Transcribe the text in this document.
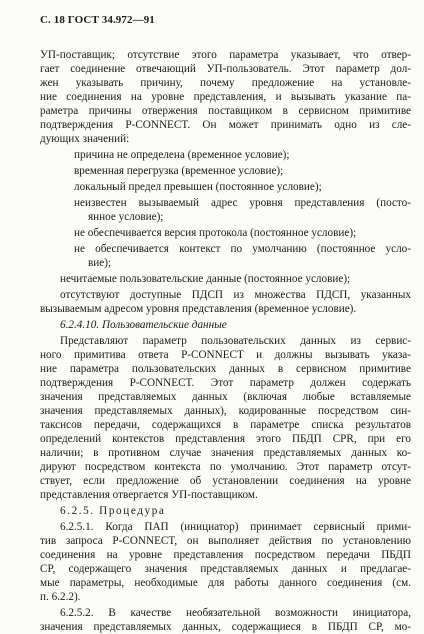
С. 18 ГОСТ 34.972—91
УП-поставщик; отсутствие этого параметра указывает, что отвер-
гает соединение отвечающий УП-пользователь. Этот параметр дол-
жен указывать причину, почему предложение на установле-
ние соединения на уровне представления, и вызывать указание па-
раметра причины отвержения поставщиком в сервисном примитиве
подтверждения P-CONNECT. Он может принимать одно из сле-
дующих значений:
причина не определена (временное условие);
временная перегрузка (временное условие);
локальный предел превышен (постоянное условие);
неизвестен вызываемый адрес уровня представления (посто-
янное условие);
не обеспечивается версия протокола (постоянное условие);
не обеспечивается контекст по умолчанию (постоянное усло-
вие);
нечитаемые пользовательские данные (постоянное условие);
отсутствуют доступные ПДСП из множества ПДСП, указанных
вызываемым адресом уровня представления (временное условие).
6.2.4.10. Пользовательские данные
Представляют параметр пользовательских данных из сервис-
ного примитива ответа P-CONNECT и должны вызывать указа-
ние параметра пользовательских данных в сервисном примитиве
подтверждения P-CONNECT. Этот параметр должен содержать
значения представляемых данных (включая любые вставляемые
значения представляемых данных), кодированные посредством син-
таксисов передачи, содержащихся в параметре списка результатов
определений контекстов представления этого ПБДП CPR, при его
наличии; в противном случае значения представляемых данных ко-
дируют посредством контекста по умолчанию. Этот параметр отсут-
ствует, если предложение об установлении соединения на уровне
представления отвергается УП-поставщиком.
6.2.5. Процедура
6.2.5.1. Когда ПАП (инициатор) принимает сервисный прими-
тив запроса P-CONNECT, он выполняет действия по установлению
соединения на уровне представления посредством передачи ПБДП
CP, содержащего значения представляемых данных и предлагае-
мые параметры, необходимые для работы данного соединения (см.
п. 6.2.2).
6.2.5.2. В качестве необязательной возможности инициатора,
значения представляемых данных, содержащиеся в ПБДП CP, мо-
